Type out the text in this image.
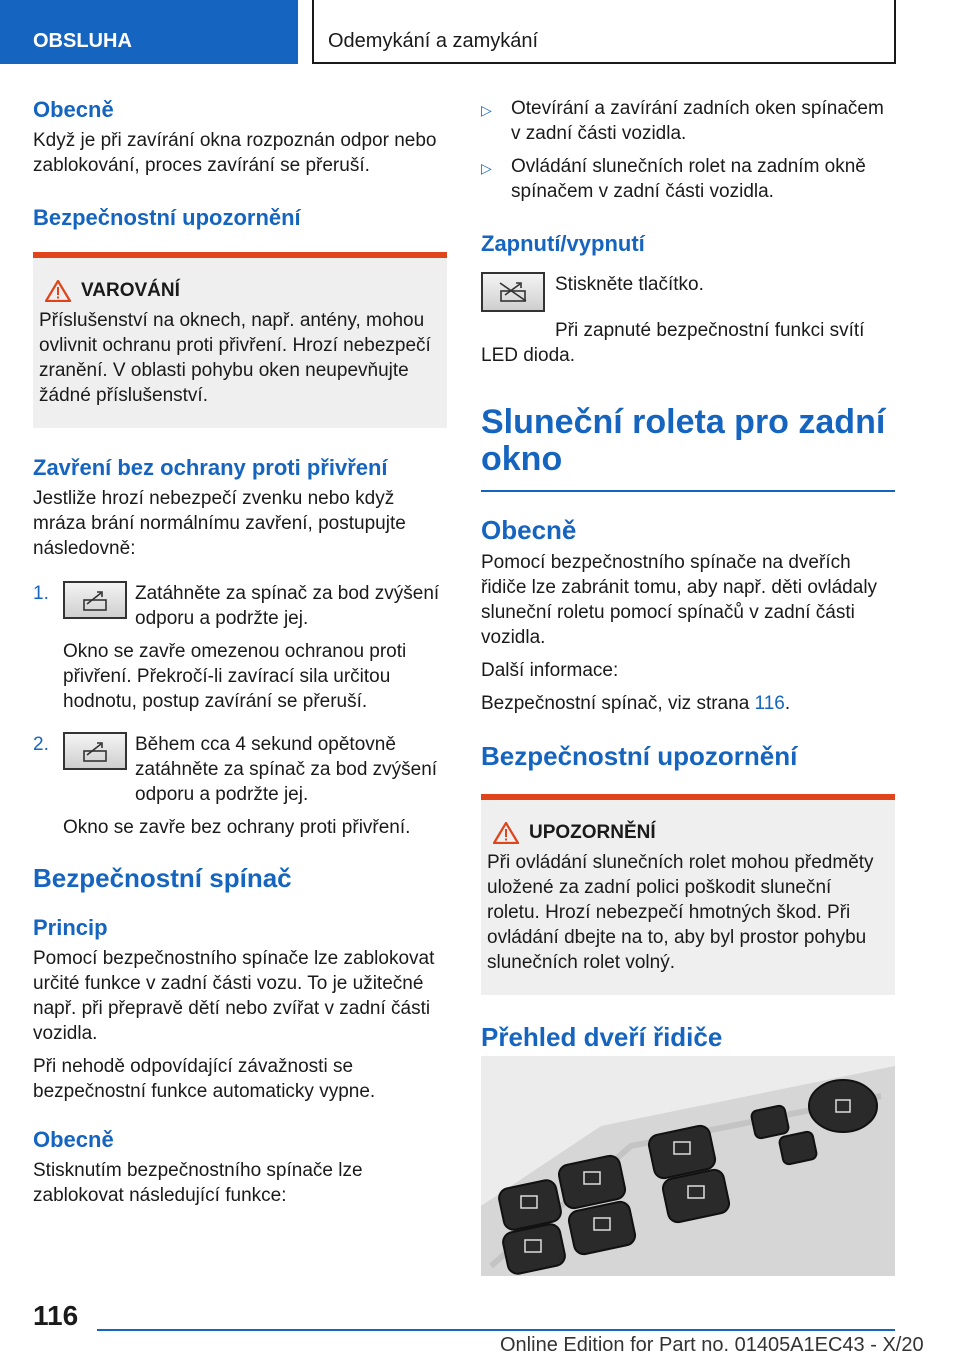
OBSLUHA	Odemykání a zamykání
Obecně
Když je při zavírání okna rozpoznán odpor nebo zablokování, proces zavírání se přeruší.
Bezpečnostní upozornění
VAROVÁNÍ
Příslušenství na oknech, např. antény, mohou ovlivnit ochranu proti přivření. Hrozí nebezpečí zranění. V oblasti pohybu oken neupevňujte žádné příslušenství.
Zavření bez ochrany proti přivření
Jestliže hrozí nebezpečí zvenku nebo když mráza brání normálnímu zavření, postupujte následovně:
1.	Zatáhněte za spínač za bod zvýšení odporu a podržte jej.
Okno se zavře omezenou ochranou proti přivření. Překročí-li zavírací sila určitou hodnotu, postup zavírání se přeruší.
2.	Během cca 4 sekund opětovně zatáhněte za spínač za bod zvýšení odporu a podržte jej.
Okno se zavře bez ochrany proti přivření.
Bezpečnostní spínač
Princip
Pomocí bezpečnostního spínače lze zablokovat určité funkce v zadní části vozu. To je užitečné např. při přepravě dětí nebo zvířat v zadní části vozidla.
Při nehodě odpovídající závažnosti se bezpečnostní funkce automaticky vypne.
Obecně
Stisknutím bezpečnostního spínače lze zablokovat následující funkce:
▷	Otevírání a zavírání zadních oken spínačem v zadní části vozidla.
▷	Ovládání slunečních rolet na zadním okně spínačem v zadní části vozidla.
Zapnutí/vypnutí
Stiskněte tlačítko.
Při zapnuté bezpečnostní funkci svítí LED dioda.
Sluneční roleta pro zadní okno
Obecně
Pomocí bezpečnostního spínače na dveřích řidiče lze zabránit tomu, aby např. děti ovládaly sluneční roletu pomocí spínačů v zadní části vozidla.
Další informace:
Bezpečnostní spínač, viz strana 116.
Bezpečnostní upozornění
UPOZORNĚNÍ
Při ovládání slunečních rolet mohou předměty uložené za zadní polici poškodit sluneční roletu. Hrozí nebezpečí hmotných škod. Při ovládání dbejte na to, aby byl prostor pohybu slunečních rolet volný.
Přehled dveří řidiče
116
Online Edition for Part no. 01405A1EC43 - X/20
